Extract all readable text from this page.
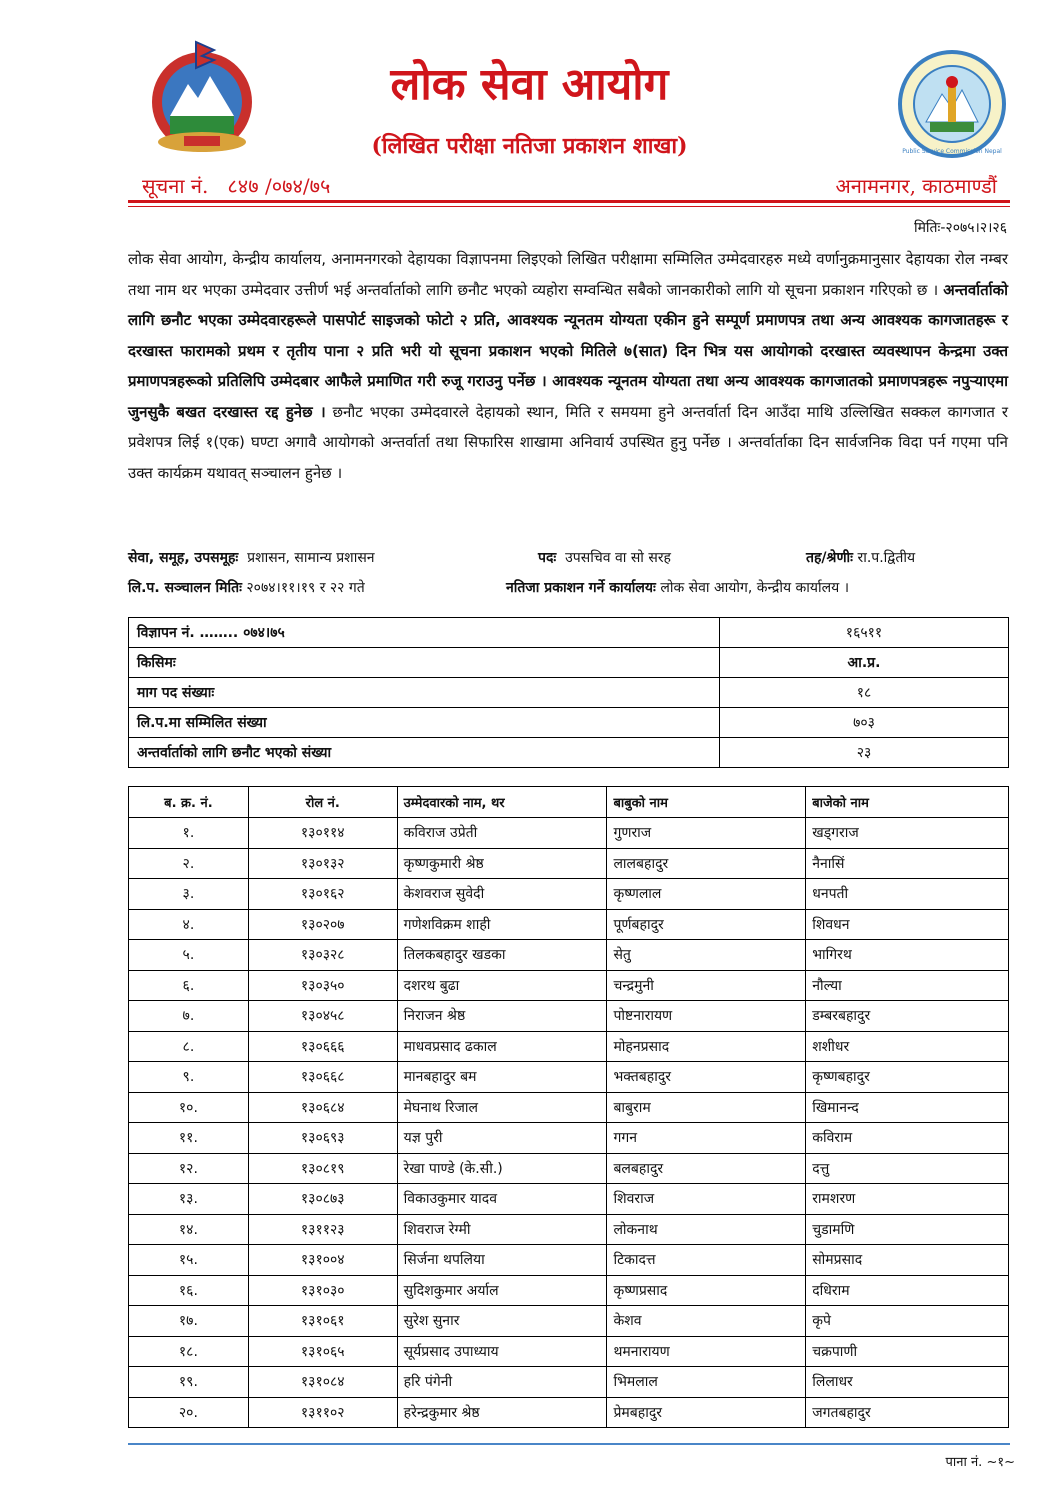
Public Service Commission Nepal
लोक सेवा आयोग
(लिखित परीक्षा नतिजा प्रकाशन शाखा)
सूचना नं. ८४७ /०७४/७५	अनामनगर, काठमाण्डौं
मितिः-२०७५।२।२६
लोक सेवा आयोग, केन्द्रीय कार्यालय, अनामनगरको देहायका विज्ञापनमा लिइएको लिखित परीक्षामा सम्मिलित उम्मेदवारहरु मध्ये वर्णानुक्रमानुसार देहायका रोल नम्बर तथा नाम थर भएका उम्मेदवार उत्तीर्ण भई अन्तर्वार्ताको लागि छनौट भएको व्यहोरा सम्वन्धित सबैको जानकारीको लागि यो सूचना प्रकाशन गरिएको छ । अन्तर्वार्ताको लागि छनौट भएका उम्मेदवारहरूले पासपोर्ट साइजको फोटो २ प्रति, आवश्यक न्यूनतम योग्यता एकीन हुने सम्पूर्ण प्रमाणपत्र तथा अन्य आवश्यक कागजातहरू र दरखास्त फारामको प्रथम र तृतीय पाना २ प्रति भरी यो सूचना प्रकाशन भएको मितिले ७(सात) दिन भित्र यस आयोगको दरखास्त व्यवस्थापन केन्द्रमा उक्त प्रमाणपत्रहरूको प्रतिलिपि उम्मेदबार आफैले प्रमाणित गरी रुजू गराउनु पर्नेछ । आवश्यक न्यूनतम योग्यता तथा अन्य आवश्यक कागजातको प्रमाणपत्रहरू नपुर्‍याएमा जुनसुकै बखत दरखास्त रद्द हुनेछ । छनौट भएका उम्मेदवारले देहायको स्थान, मिति र समयमा हुने अन्तर्वार्ता दिन आउँदा माथि उल्लिखित सक्कल कागजात र प्रवेशपत्र लिई १(एक) घण्टा अगावै आयोगको अन्तर्वार्ता तथा सिफारिस शाखामा अनिवार्य उपस्थित हुनु पर्नेछ । अन्तर्वार्ताका दिन सार्वजनिक विदा पर्न गएमा पनि उक्त कार्यक्रम यथावत् सञ्चालन हुनेछ ।
सेवा, समूह, उपसमूहः प्रशासन, सामान्य प्रशासन	पदः उपसचिव वा सो सरह	तह/श्रेणीः रा.प.द्वितीय
लि.प. सञ्चालन मितिः २०७४।११।१९ र २२ गते	नतिजा प्रकाशन गर्ने कार्यालयः लोक सेवा आयोग, केन्द्रीय कार्यालय ।
विज्ञापन नं. …….. ०७४।७५	१६५११
किसिमः	आ.प्र.
माग पद संख्याः	१८
लि.प.मा सम्मिलित संख्या	७०३
अन्तर्वार्ताको लागि छनौट भएको संख्या	२३
ब. क्र. नं.	रोल नं.	उम्मेदवारको नाम, थर	बाबुको नाम	बाजेको नाम
१.	१३०११४	कविराज उप्रेती	गुणराज	खड्गराज
२.	१३०१३२	कृष्णकुमारी श्रेष्ठ	लालबहादुर	नैनासिं
३.	१३०१६२	केशवराज सुवेदी	कृष्णलाल	धनपती
४.	१३०२०७	गणेशविक्रम शाही	पूर्णबहादुर	शिवधन
५.	१३०३२८	तिलकबहादुर खडका	सेतु	भागिरथ
६.	१३०३५०	दशरथ बुढा	चन्द्रमुनी	नौल्या
७.	१३०४५८	निराजन श्रेष्ठ	पोष्टनारायण	डम्बरबहादुर
८.	१३०६६६	माधवप्रसाद ढकाल	मोहनप्रसाद	शशीधर
९.	१३०६६८	मानबहादुर बम	भक्तबहादुर	कृष्णबहादुर
१०.	१३०६८४	मेघनाथ रिजाल	बाबुराम	खिमानन्द
११.	१३०६९३	यज्ञ पुरी	गगन	कविराम
१२.	१३०८१९	रेखा पाण्डे (के.सी.)	बलबहादुर	दत्तु
१३.	१३०८७३	विकाउकुमार यादव	शिवराज	रामशरण
१४.	१३११२३	शिवराज रेग्मी	लोकनाथ	चुडामणि
१५.	१३१००४	सिर्जना थपलिया	टिकादत्त	सोमप्रसाद
१६.	१३१०३०	सुदिशकुमार अर्याल	कृष्णप्रसाद	दधिराम
१७.	१३१०६१	सुरेश सुनार	केशव	कृपे
१८.	१३१०६५	सूर्यप्रसाद उपाध्याय	थमनारायण	चक्रपाणी
१९.	१३१०८४	हरि पंगेनी	भिमलाल	लिलाधर
२०.	१३११०२	हरेन्द्रकुमार श्रेष्ठ	प्रेमबहादुर	जगतबहादुर
पाना नं. ~१~
